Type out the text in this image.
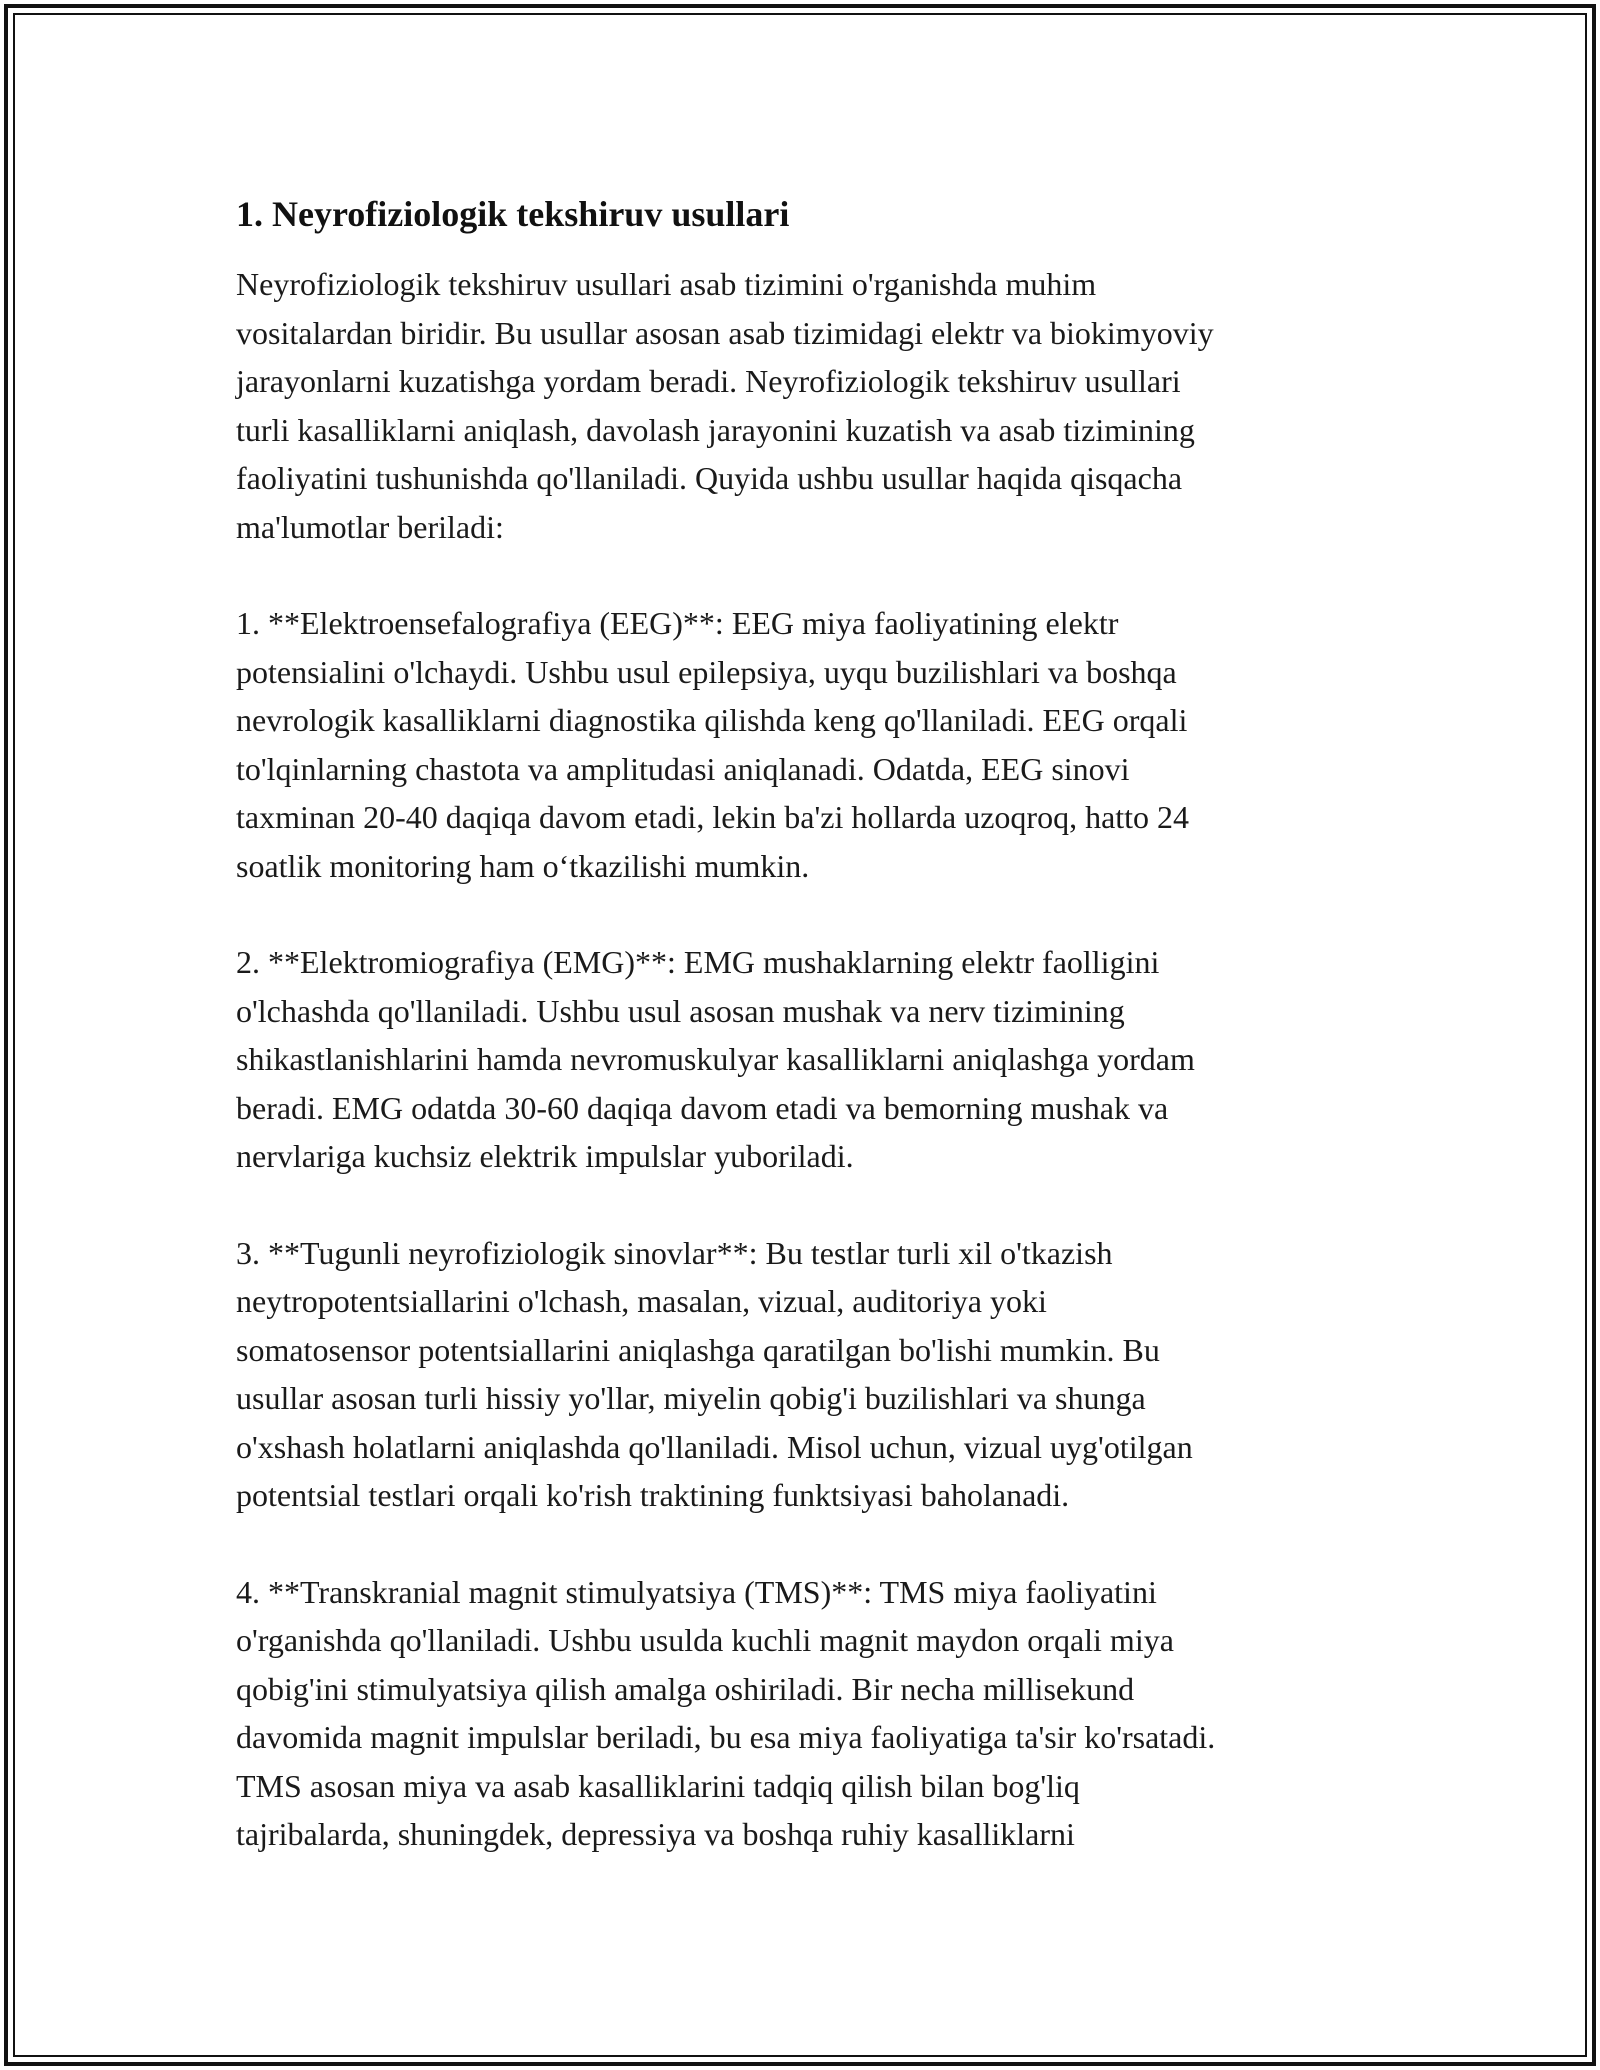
1. Neyrofiziologik tekshiruv usullari
Neyrofiziologik tekshiruv usullari asab tizimini o'rganishda muhim
vositalardan biridir. Bu usullar asosan asab tizimidagi elektr va biokimyoviy
jarayonlarni kuzatishga yordam beradi. Neyrofiziologik tekshiruv usullari
turli kasalliklarni aniqlash, davolash jarayonini kuzatish va asab tizimining
faoliyatini tushunishda qo'llaniladi. Quyida ushbu usullar haqida qisqacha
ma'lumotlar beriladi:
1. **Elektroensefalografiya (EEG)**: EEG miya faoliyatining elektr
potensialini o'lchaydi. Ushbu usul epilepsiya, uyqu buzilishlari va boshqa
nevrologik kasalliklarni diagnostika qilishda keng qo'llaniladi. EEG orqali
to'lqinlarning chastota va amplitudasi aniqlanadi. Odatda, EEG sinovi
taxminan 20-40 daqiqa davom etadi, lekin ba'zi hollarda uzoqroq, hatto 24
soatlik monitoring ham o‘tkazilishi mumkin.
2. **Elektromiografiya (EMG)**: EMG mushaklarning elektr faolligini
o'lchashda qo'llaniladi. Ushbu usul asosan mushak va nerv tizimining
shikastlanishlarini hamda nevromuskulyar kasalliklarni aniqlashga yordam
beradi. EMG odatda 30-60 daqiqa davom etadi va bemorning mushak va
nervlariga kuchsiz elektrik impulslar yuboriladi.
3. **Tugunli neyrofiziologik sinovlar**: Bu testlar turli xil o'tkazish
neytropotentsiallarini o'lchash, masalan, vizual, auditoriya yoki
somatosensor potentsiallarini aniqlashga qaratilgan bo'lishi mumkin. Bu
usullar asosan turli hissiy yo'llar, miyelin qobig'i buzilishlari va shunga
o'xshash holatlarni aniqlashda qo'llaniladi. Misol uchun, vizual uyg'otilgan
potentsial testlari orqali ko'rish traktining funktsiyasi baholanadi.
4. **Transkranial magnit stimulyatsiya (TMS)**: TMS miya faoliyatini
o'rganishda qo'llaniladi. Ushbu usulda kuchli magnit maydon orqali miya
qobig'ini stimulyatsiya qilish amalga oshiriladi. Bir necha millisekund
davomida magnit impulslar beriladi, bu esa miya faoliyatiga ta'sir ko'rsatadi.
TMS asosan miya va asab kasalliklarini tadqiq qilish bilan bog'liq
tajribalarda, shuningdek, depressiya va boshqa ruhiy kasalliklarni
